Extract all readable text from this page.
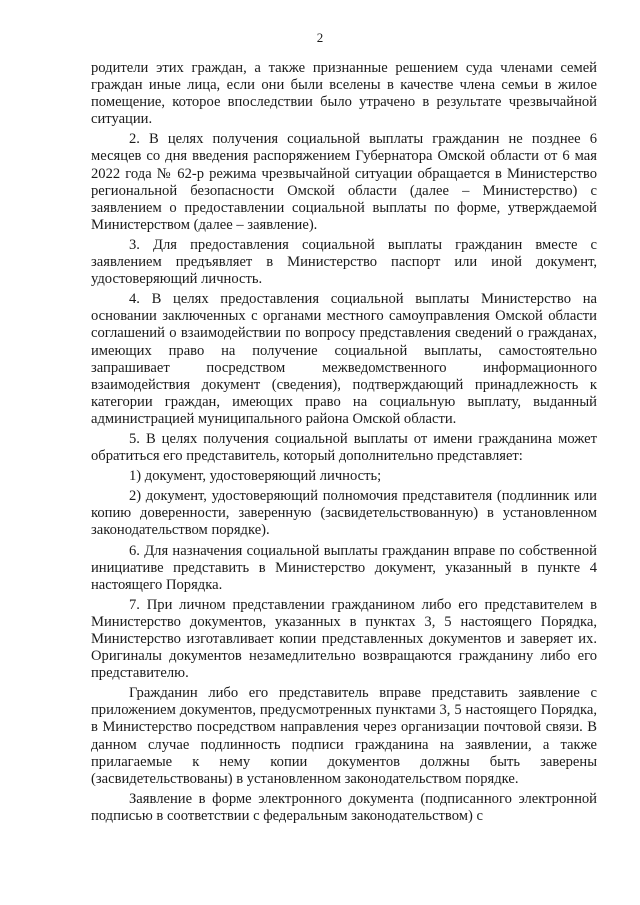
2

родители этих граждан, а также признанные решением суда членами семей граждан иные лица, если они были вселены в качестве члена семьи в жилое помещение, которое впоследствии было утрачено в результате чрезвычайной ситуации.

2. В целях получения социальной выплаты гражданин не позднее 6 месяцев со дня введения распоряжением Губернатора Омской области от 6 мая 2022 года № 62-р режима чрезвычайной ситуации обращается в Министерство региональной безопасности Омской области (далее – Министерство) с заявлением о предоставлении социальной выплаты по форме, утверждаемой Министерством (далее – заявление).

3. Для предоставления социальной выплаты гражданин вместе с заявлением предъявляет в Министерство паспорт или иной документ, удостоверяющий личность.

4. В целях предоставления социальной выплаты Министерство на основании заключенных с органами местного самоуправления Омской области соглашений о взаимодействии по вопросу представления сведений о гражданах, имеющих право на получение социальной выплаты, самостоятельно запрашивает посредством межведомственного информационного взаимодействия документ (сведения), подтверждающий принадлежность к категории граждан, имеющих право на социальную выплату, выданный администрацией муниципального района Омской области.

5. В целях получения социальной выплаты от имени гражданина может обратиться его представитель, который дополнительно представляет:

1) документ, удостоверяющий личность;

2) документ, удостоверяющий полномочия представителя (подлинник или копию доверенности, заверенную (засвидетельствованную) в установленном законодательством порядке).

6. Для назначения социальной выплаты гражданин вправе по собственной инициативе представить в Министерство документ, указанный в пункте 4 настоящего Порядка.

7. При личном представлении гражданином либо его представителем в Министерство документов, указанных в пунктах 3, 5 настоящего Порядка, Министерство изготавливает копии представленных документов и заверяет их. Оригиналы документов незамедлительно возвращаются гражданину либо его представителю.

Гражданин либо его представитель вправе представить заявление с приложением документов, предусмотренных пунктами 3, 5 настоящего Порядка, в Министерство посредством направления через организации почтовой связи. В данном случае подлинность подписи гражданина на заявлении, а также прилагаемые к нему копии документов должны быть заверены (засвидетельствованы) в установленном законодательством порядке.

Заявление в форме электронного документа (подписанного электронной подписью в соответствии с федеральным законодательством) с
